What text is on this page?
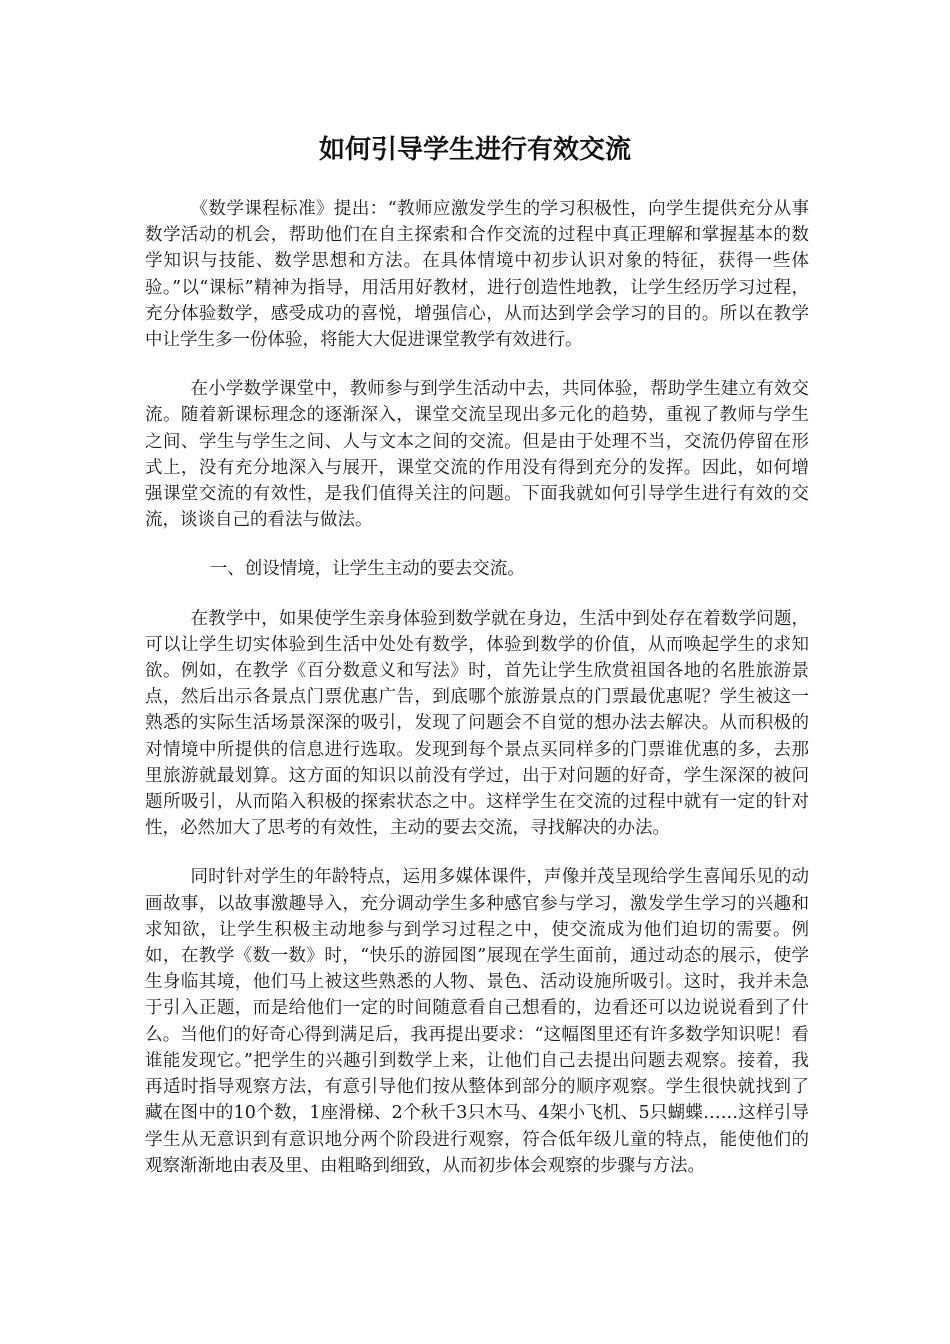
如何引导学生进行有效交流

《数学课程标准》提出：“教师应激发学生的学习积极性，向学生提供充分从事数学活动的机会，帮助他们在自主探索和合作交流的过程中真正理解和掌握基本的数学知识与技能、数学思想和方法。在具体情境中初步认识对象的特征，获得一些体验。”以“课标”精神为指导，用活用好教材，进行创造性地教，让学生经历学习过程，充分体验数学，感受成功的喜悦，增强信心，从而达到学会学习的目的。所以在教学中让学生多一份体验，将能大大促进课堂教学有效进行。

在小学数学课堂中，教师参与到学生活动中去，共同体验，帮助学生建立有效交流。随着新课标理念的逐渐深入，课堂交流呈现出多元化的趋势，重视了教师与学生之间、学生与学生之间、人与文本之间的交流。但是由于处理不当，交流仍停留在形式上，没有充分地深入与展开，课堂交流的作用没有得到充分的发挥。因此，如何增强课堂交流的有效性，是我们值得关注的问题。下面我就如何引导学生进行有效的交流，谈谈自己的看法与做法。

一、创设情境，让学生主动的要去交流。

在教学中，如果使学生亲身体验到数学就在身边，生活中到处存在着数学问题，可以让学生切实体验到生活中处处有数学，体验到数学的价值，从而唤起学生的求知欲。例如，在教学《百分数意义和写法》时，首先让学生欣赏祖国各地的名胜旅游景点，然后出示各景点门票优惠广告，到底哪个旅游景点的门票最优惠呢？学生被这一熟悉的实际生活场景深深的吸引，发现了问题会不自觉的想办法去解决。从而积极的对情境中所提供的信息进行选取。发现到每个景点买同样多的门票谁优惠的多，去那里旅游就最划算。这方面的知识以前没有学过，出于对问题的好奇，学生深深的被问题所吸引，从而陷入积极的探索状态之中。这样学生在交流的过程中就有一定的针对性，必然加大了思考的有效性，主动的要去交流，寻找解决的办法。

同时针对学生的年龄特点，运用多媒体课件，声像并茂呈现给学生喜闻乐见的动画故事，以故事激趣导入，充分调动学生多种感官参与学习，激发学生学习的兴趣和求知欲，让学生积极主动地参与到学习过程之中，使交流成为他们迫切的需要。例如，在教学《数一数》时，“快乐的游园图”展现在学生面前，通过动态的展示，使学生身临其境，他们马上被这些熟悉的人物、景色、活动设施所吸引。这时，我并未急于引入正题，而是给他们一定的时间随意看自己想看的，边看还可以边说说看到了什么。当他们的好奇心得到满足后，我再提出要求：“这幅图里还有许多数学知识呢！看谁能发现它。”把学生的兴趣引到数学上来，让他们自己去提出问题去观察。接着，我再适时指导观察方法，有意引导他们按从整体到部分的顺序观察。学生很快就找到了藏在图中的10个数，1座滑梯、2个秋千3只木马、4架小飞机、5只蝴蝶……这样引导学生从无意识到有意识地分两个阶段进行观察，符合低年级儿童的特点，能使他们的观察渐渐地由表及里、由粗略到细致，从而初步体会观察的步骤与方法。
